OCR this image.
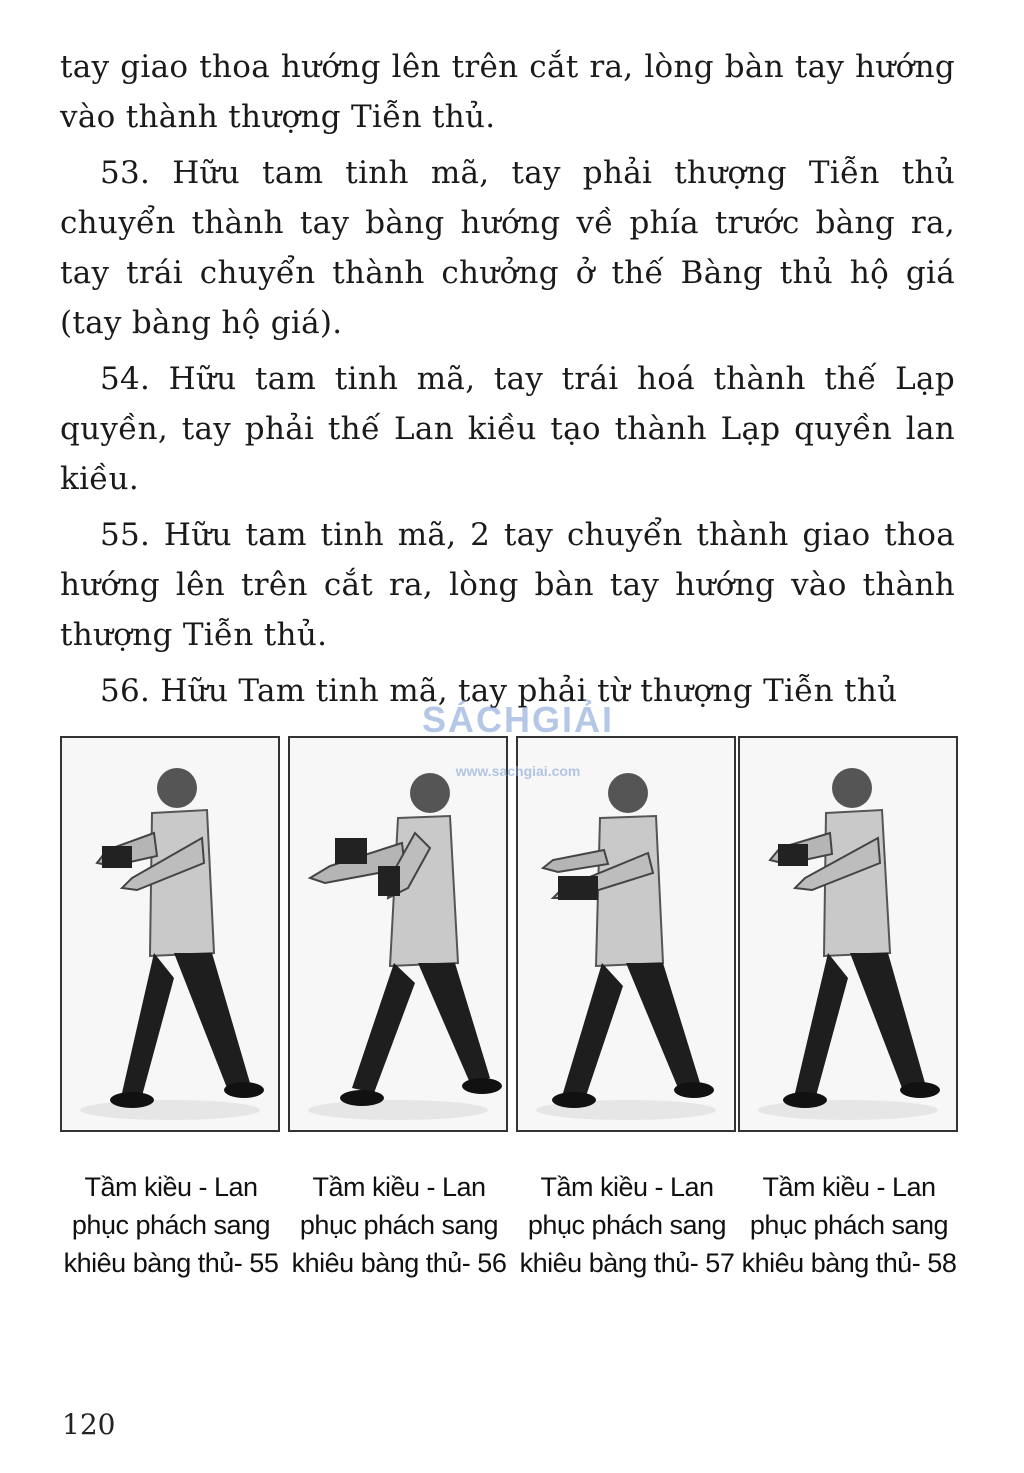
tay giao thoa hướng lên trên cắt ra, lòng bàn tay hướng vào thành thượng Tiễn thủ.

53. Hữu tam tinh mã, tay phải thượng Tiễn thủ chuyển thành tay bàng hướng về phía trước bàng ra, tay trái chuyển thành chưởng ở thế Bàng thủ hộ giá (tay bàng hộ giá).

54. Hữu tam tinh mã, tay trái hoá thành thế Lạp quyền, tay phải thế Lan kiều tạo thành Lạp quyền lan kiều.

55. Hữu tam tinh mã, 2 tay chuyển thành giao thoa hướng lên trên cắt ra, lòng bàn tay hướng vào thành thượng Tiễn thủ.

56. Hữu Tam tinh mã, tay phải từ thượng Tiễn thủ

Tầm kiều - Lan phục phách sang khiêu bàng thủ- 55
Tầm kiều - Lan phục phách sang khiêu bàng thủ- 56
Tầm kiều - Lan phục phách sang khiêu bàng thủ- 57
Tầm kiều - Lan phục phách sang khiêu bàng thủ- 58
SÁCHGIẢI
www.sachgiai.com
120
